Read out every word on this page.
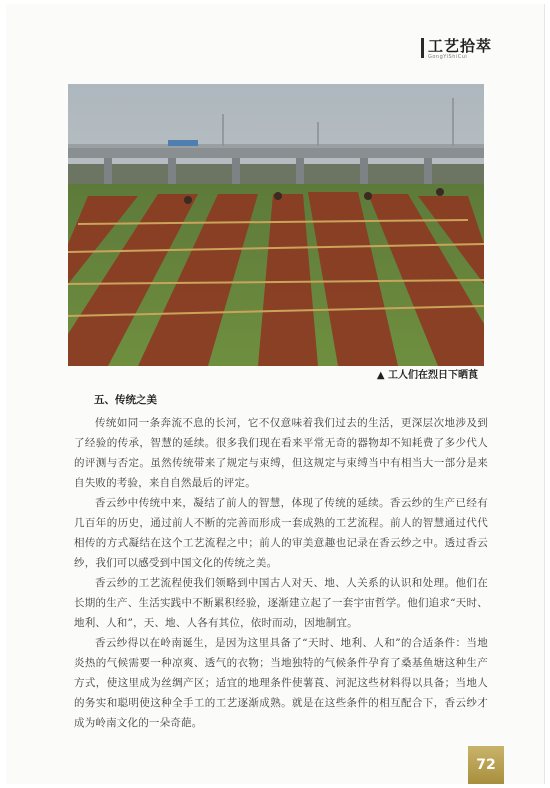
工艺拾萃
GongYiShiCui
▲ 工人们在烈日下晒莨

五、传统之美

传统如同一条奔流不息的长河，它不仅意味着我们过去的生活，更深层次地涉及到了经验的传承，智慧的延续。很多我们现在看来平常无奇的器物却不知耗费了多少代人的评测与否定。虽然传统带来了规定与束缚，但这规定与束缚当中有相当大一部分是来自失败的考验，来自自然最后的评定。

香云纱中传统中来，凝结了前人的智慧，体现了传统的延续。香云纱的生产已经有几百年的历史，通过前人不断的完善而形成一套成熟的工艺流程。前人的智慧通过代代相传的方式凝结在这个工艺流程之中；前人的审美意趣也记录在香云纱之中。透过香云纱，我们可以感受到中国文化的传统之美。

香云纱的工艺流程使我们领略到中国古人对天、地、人关系的认识和处理。他们在长期的生产、生活实践中不断累积经验，逐渐建立起了一套宇宙哲学。他们追求“天时、地利、人和”，天、地、人各有其位，依时而动，因地制宜。

香云纱得以在岭南诞生，是因为这里具备了“天时、地利、人和”的合适条件：当地炎热的气候需要一种凉爽、透气的衣物；当地独特的气候条件孕育了桑基鱼塘这种生产方式，使这里成为丝绸产区；适宜的地理条件使薯莨、河泥这些材料得以具备；当地人的务实和聪明使这种全手工的工艺逐渐成熟。就是在这些条件的相互配合下，香云纱才成为岭南文化的一朵奇葩。

72
